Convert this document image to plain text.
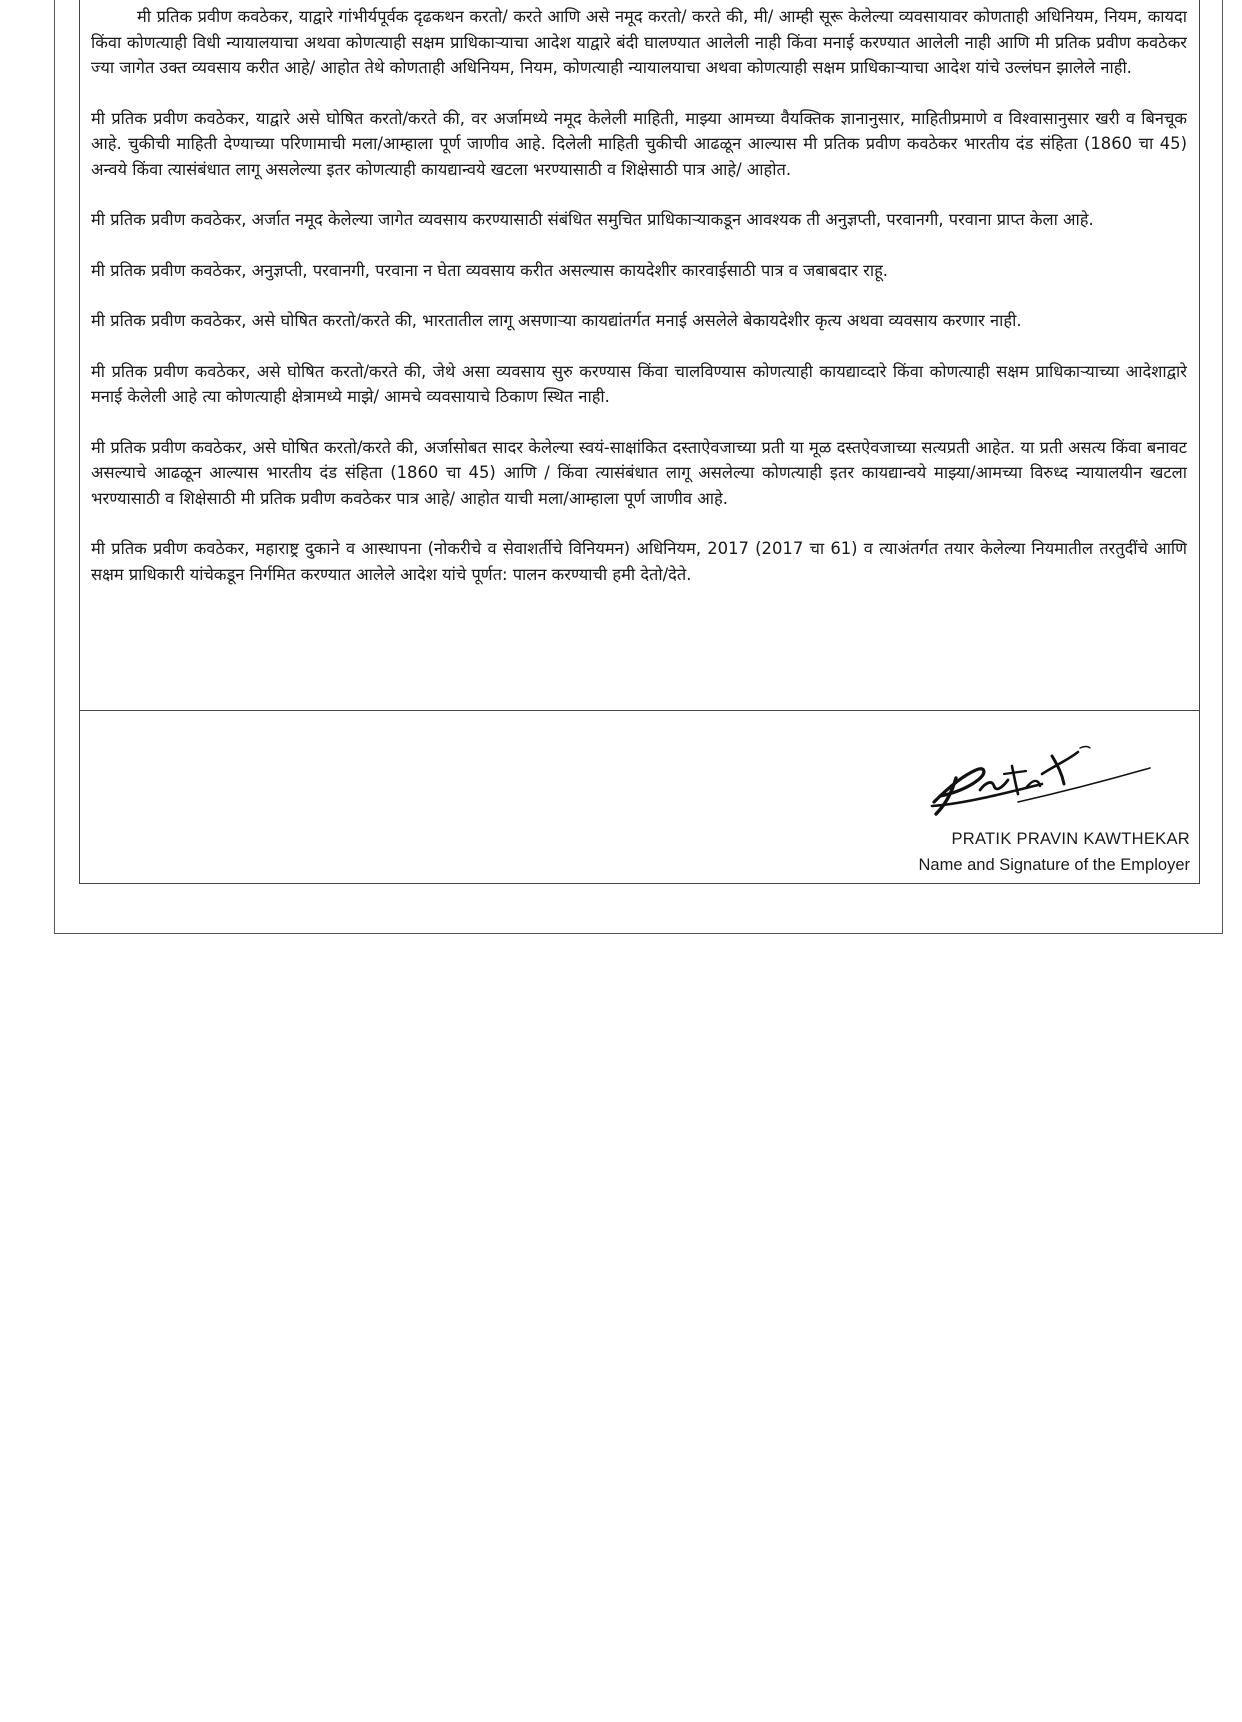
मी प्रतिक प्रवीण कवठेकर, याद्वारे गांभीर्यपूर्वक दृढकथन करतो/ करते आणि असे नमूद करतो/ करते की, मी/ आम्ही सूरू केलेल्या व्यवसायावर कोणताही अधिनियम, नियम, कायदा किंवा कोणत्याही विधी न्यायालयाचा अथवा कोणत्याही सक्षम प्राधिकाऱ्याचा आदेश याद्वारे बंदी घालण्यात आलेली नाही किंवा मनाई करण्यात आलेली नाही आणि मी प्रतिक प्रवीण कवठेकर ज्या जागेत उक्त व्यवसाय करीत आहे/ आहोत तेथे कोणताही अधिनियम, नियम, कोणत्याही न्यायालयाचा अथवा कोणत्याही सक्षम प्राधिकाऱ्याचा आदेश यांचे उल्लंघन झालेले नाही.

मी प्रतिक प्रवीण कवठेकर, याद्वारे असे घोषित करतो/करते की, वर अर्जामध्ये नमूद केलेली माहिती, माझ्या आमच्या वैयक्तिक ज्ञानानुसार, माहितीप्रमाणे व विश्वासानुसार खरी व बिनचूक आहे. चुकीची माहिती देण्याच्या परिणामाची मला/आम्हाला पूर्ण जाणीव आहे. दिलेली माहिती चुकीची आढळून आल्यास मी प्रतिक प्रवीण कवठेकर भारतीय दंड संहिता (1860 चा 45) अन्वये किंवा त्यासंबंधात लागू असलेल्या इतर कोणत्याही कायद्यान्वये खटला भरण्यासाठी व शिक्षेसाठी पात्र आहे/ आहोत.

मी प्रतिक प्रवीण कवठेकर, अर्जात नमूद केलेल्या जागेत व्यवसाय करण्यासाठी संबंधित समुचित प्राधिकाऱ्याकडून आवश्यक ती अनुज्ञप्ती, परवानगी, परवाना प्राप्त केला आहे.

मी प्रतिक प्रवीण कवठेकर, अनुज्ञप्ती, परवानगी, परवाना न घेता व्यवसाय करीत असल्यास कायदेशीर कारवाईसाठी पात्र व जबाबदार राहू.

मी प्रतिक प्रवीण कवठेकर, असे घोषित करतो/करते की, भारतातील लागू असणाऱ्या कायद्यांतर्गत मनाई असलेले बेकायदेशीर कृत्य अथवा व्यवसाय करणार नाही.

मी प्रतिक प्रवीण कवठेकर, असे घोषित करतो/करते की, जेथे असा व्यवसाय सुरु करण्यास किंवा चालविण्यास कोणत्याही कायद्याव्दारे किंवा कोणत्याही सक्षम प्राधिकाऱ्याच्या आदेशाद्वारे मनाई केलेली आहे त्या कोणत्याही क्षेत्रामध्ये माझे/ आमचे व्यवसायाचे ठिकाण स्थित नाही.

मी प्रतिक प्रवीण कवठेकर, असे घोषित करतो/करते की, अर्जासोबत सादर केलेल्या स्वयं-साक्षांकित दस्ताऐवजाच्या प्रती या मूळ दस्तऐवजाच्या सत्यप्रती आहेत. या प्रती असत्य किंवा बनावट असल्याचे आढळून आल्यास भारतीय दंड संहिता (1860 चा 45) आणि / किंवा त्यासंबंधात लागू असलेल्या कोणत्याही इतर कायद्यान्वये माझ्या/आमच्या विरुध्द न्यायालयीन खटला भरण्यासाठी व शिक्षेसाठी मी प्रतिक प्रवीण कवठेकर पात्र आहे/ आहोत याची मला/आम्हाला पूर्ण जाणीव आहे.

मी प्रतिक प्रवीण कवठेकर, महाराष्ट्र दुकाने व आस्थापना (नोकरीचे व सेवाशर्तीचे विनियमन) अधिनियम, 2017 (2017 चा 61) व त्याअंतर्गत तयार केलेल्या नियमातील तरतुदींचे आणि सक्षम प्राधिकारी यांचेकडून निर्गमित करण्यात आलेले आदेश यांचे पूर्णत: पालन करण्याची हमी देतो/देते.

PRATIK PRAVIN KAWTHEKAR
Name and Signature of the Employer
